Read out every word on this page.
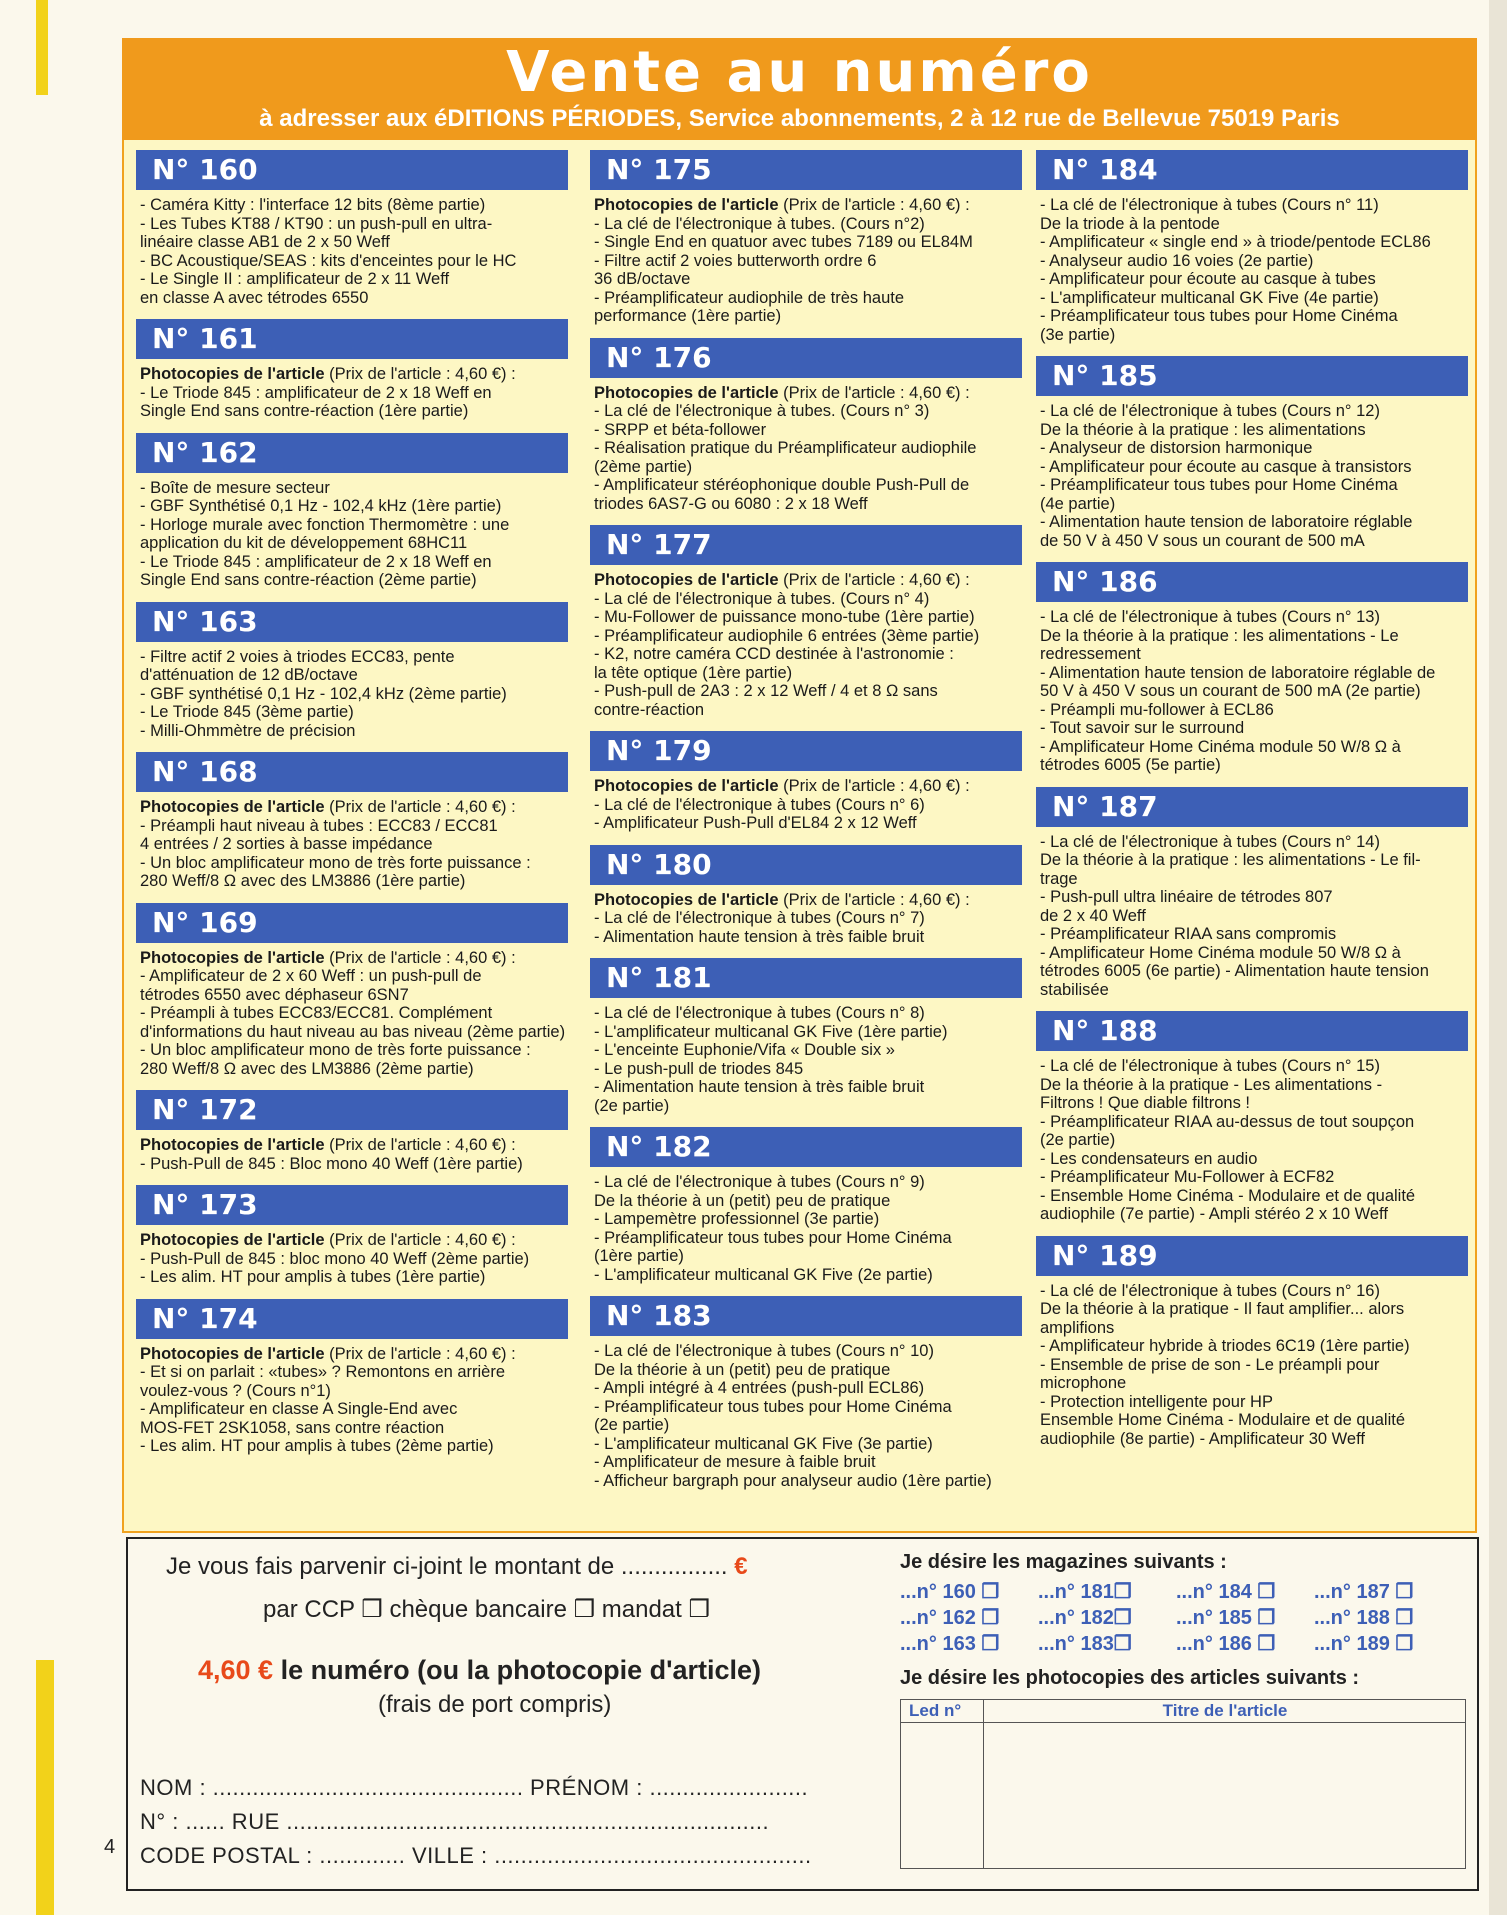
Vente au numéro
à adresser aux éDITIONS PÉRIODES, Service abonnements, 2 à 12 rue de Bellevue 75019 Paris
N° 160
- Caméra Kitty : l'interface 12 bits (8ème partie)
- Les Tubes KT88 / KT90 : un push-pull en ultra-
linéaire classe AB1 de 2 x 50 Weff
- BC Acoustique/SEAS : kits d'enceintes pour le HC
- Le Single II : amplificateur de 2 x 11 Weff
en classe A avec tétrodes 6550
N° 161
Photocopies de l'article (Prix de l'article : 4,60 €) :
- Le Triode 845 : amplificateur de 2 x 18 Weff en
Single End sans contre-réaction (1ère partie)
N° 162
- Boîte de mesure secteur
- GBF Synthétisé 0,1 Hz - 102,4 kHz (1ère partie)
- Horloge murale avec fonction Thermomètre : une
application du kit de développement 68HC11
- Le Triode 845 : amplificateur de 2 x 18 Weff en
Single End sans contre-réaction (2ème partie)
N° 163
- Filtre actif 2 voies à triodes ECC83, pente
d'atténuation de 12 dB/octave
- GBF synthétisé 0,1 Hz - 102,4 kHz (2ème partie)
- Le Triode 845 (3ème partie)
- Milli-Ohmmètre de précision
N° 168
Photocopies de l'article (Prix de l'article : 4,60 €) :
- Préampli haut niveau à tubes : ECC83 / ECC81
4 entrées / 2 sorties à basse impédance
- Un bloc amplificateur mono de très forte puissance :
280 Weff/8 Ω avec des LM3886 (1ère partie)
N° 169
Photocopies de l'article (Prix de l'article : 4,60 €) :
- Amplificateur de 2 x 60 Weff : un push-pull de
tétrodes 6550 avec déphaseur 6SN7
- Préampli à tubes ECC83/ECC81. Complément
d'informations du haut niveau au bas niveau (2ème partie)
- Un bloc amplificateur mono de très forte puissance :
280 Weff/8 Ω avec des LM3886 (2ème partie)
N° 172
Photocopies de l'article (Prix de l'article : 4,60 €) :
- Push-Pull de 845 : Bloc mono 40 Weff (1ère partie)
N° 173
Photocopies de l'article (Prix de l'article : 4,60 €) :
- Push-Pull de 845 : bloc mono 40 Weff (2ème partie)
- Les alim. HT pour amplis à tubes (1ère partie)
N° 174
Photocopies de l'article (Prix de l'article : 4,60 €) :
- Et si on parlait : «tubes» ? Remontons en arrière
voulez-vous ? (Cours n°1)
- Amplificateur en classe A Single-End avec
MOS-FET 2SK1058, sans contre réaction
- Les alim. HT pour amplis à tubes (2ème partie)
N° 175
Photocopies de l'article (Prix de l'article : 4,60 €) :
- La clé de l'électronique à tubes. (Cours n°2)
- Single End en quatuor avec tubes 7189 ou EL84M
- Filtre actif 2 voies butterworth ordre 6
36 dB/octave
- Préamplificateur audiophile de très haute
performance (1ère partie)
N° 176
Photocopies de l'article (Prix de l'article : 4,60 €) :
- La clé de l'électronique à tubes. (Cours n° 3)
- SRPP et béta-follower
- Réalisation pratique du Préamplificateur audiophile
(2ème partie)
- Amplificateur stéréophonique double Push-Pull de
triodes 6AS7-G ou 6080 : 2 x 18 Weff
N° 177
Photocopies de l'article (Prix de l'article : 4,60 €) :
- La clé de l'électronique à tubes. (Cours n° 4)
- Mu-Follower de puissance mono-tube (1ère partie)
- Préamplificateur audiophile 6 entrées (3ème partie)
- K2, notre caméra CCD destinée à l'astronomie :
la tête optique (1ère partie)
- Push-pull de 2A3 : 2 x 12 Weff / 4 et 8 Ω sans
contre-réaction
N° 179
Photocopies de l'article (Prix de l'article : 4,60 €) :
- La clé de l'électronique à tubes (Cours n° 6)
- Amplificateur Push-Pull d'EL84 2 x 12 Weff
N° 180
Photocopies de l'article (Prix de l'article : 4,60 €) :
- La clé de l'électronique à tubes (Cours n° 7)
- Alimentation haute tension à très faible bruit
N° 181
- La clé de l'électronique à tubes (Cours n° 8)
- L'amplificateur multicanal GK Five (1ère partie)
- L'enceinte Euphonie/Vifa « Double six »
- Le push-pull de triodes 845
- Alimentation haute tension à très faible bruit
(2e partie)
N° 182
- La clé de l'électronique à tubes (Cours n° 9)
De la théorie à un (petit) peu de pratique
- Lampemètre professionnel (3e partie)
- Préamplificateur tous tubes pour Home Cinéma
(1ère partie)
- L'amplificateur multicanal GK Five (2e partie)
N° 183
- La clé de l'électronique à tubes (Cours n° 10)
De la théorie à un (petit) peu de pratique
- Ampli intégré à 4 entrées (push-pull ECL86)
- Préamplificateur tous tubes pour Home Cinéma
(2e partie)
- L'amplificateur multicanal GK Five (3e partie)
- Amplificateur de mesure à faible bruit
- Afficheur bargraph pour analyseur audio (1ère partie)
N° 184
- La clé de l'électronique à tubes (Cours n° 11)
De la triode à la pentode
- Amplificateur « single end » à triode/pentode ECL86
- Analyseur audio 16 voies (2e partie)
- Amplificateur pour écoute au casque à tubes
- L'amplificateur multicanal GK Five (4e partie)
- Préamplificateur tous tubes pour Home Cinéma
(3e partie)
N° 185
- La clé de l'électronique à tubes (Cours n° 12)
De la théorie à la pratique : les alimentations
- Analyseur de distorsion harmonique
- Amplificateur pour écoute au casque à transistors
- Préamplificateur tous tubes pour Home Cinéma
(4e partie)
- Alimentation haute tension de laboratoire réglable
de 50 V à 450 V sous un courant de 500 mA
N° 186
- La clé de l'électronique à tubes (Cours n° 13)
De la théorie à la pratique : les alimentations - Le
redressement
- Alimentation haute tension de laboratoire réglable de
50 V à 450 V sous un courant de 500 mA (2e partie)
- Préampli mu-follower à ECL86
- Tout savoir sur le surround
- Amplificateur Home Cinéma module 50 W/8 Ω à
tétrodes 6005 (5e partie)
N° 187
- La clé de l'électronique à tubes (Cours n° 14)
De la théorie à la pratique : les alimentations - Le fil-
trage
- Push-pull ultra linéaire de tétrodes 807
de 2 x 40 Weff
- Préamplificateur RIAA sans compromis
- Amplificateur Home Cinéma module 50 W/8 Ω à
tétrodes 6005 (6e partie) - Alimentation haute tension
stabilisée
N° 188
- La clé de l'électronique à tubes (Cours n° 15)
De la théorie à la pratique - Les alimentations -
Filtrons ! Que diable filtrons !
- Préamplificateur RIAA au-dessus de tout soupçon
(2e partie)
- Les condensateurs en audio
- Préamplificateur Mu-Follower à ECF82
- Ensemble Home Cinéma - Modulaire et de qualité
audiophile (7e partie) - Ampli stéréo 2 x 10 Weff
N° 189
- La clé de l'électronique à tubes (Cours n° 16)
De la théorie à la pratique - Il faut amplifier... alors
amplifions
- Amplificateur hybride à triodes 6C19 (1ère partie)
- Ensemble de prise de son - Le préampli pour
microphone
- Protection intelligente pour HP
Ensemble Home Cinéma - Modulaire et de qualité
audiophile (8e partie) - Amplificateur 30 Weff
Je vous fais parvenir ci-joint le montant de ................ €
par CCP ❒ chèque bancaire ❒ mandat ❒
4,60 € le numéro (ou la photocopie d'article)
(frais de port compris)
NOM : ............................................... PRÉNOM : ........................
N° : ...... RUE .........................................................................
CODE POSTAL : ............. VILLE : ................................................
Je désire les magazines suivants :
...n° 160 ❒ ...n° 181❒ ...n° 184 ❒ ...n° 187 ❒
...n° 162 ❒ ...n° 182❒ ...n° 185 ❒ ...n° 188 ❒
...n° 163 ❒ ...n° 183❒ ...n° 186 ❒ ...n° 189 ❒
Je désire les photocopies des articles suivants :
Led n°	Titre de l'article
4
